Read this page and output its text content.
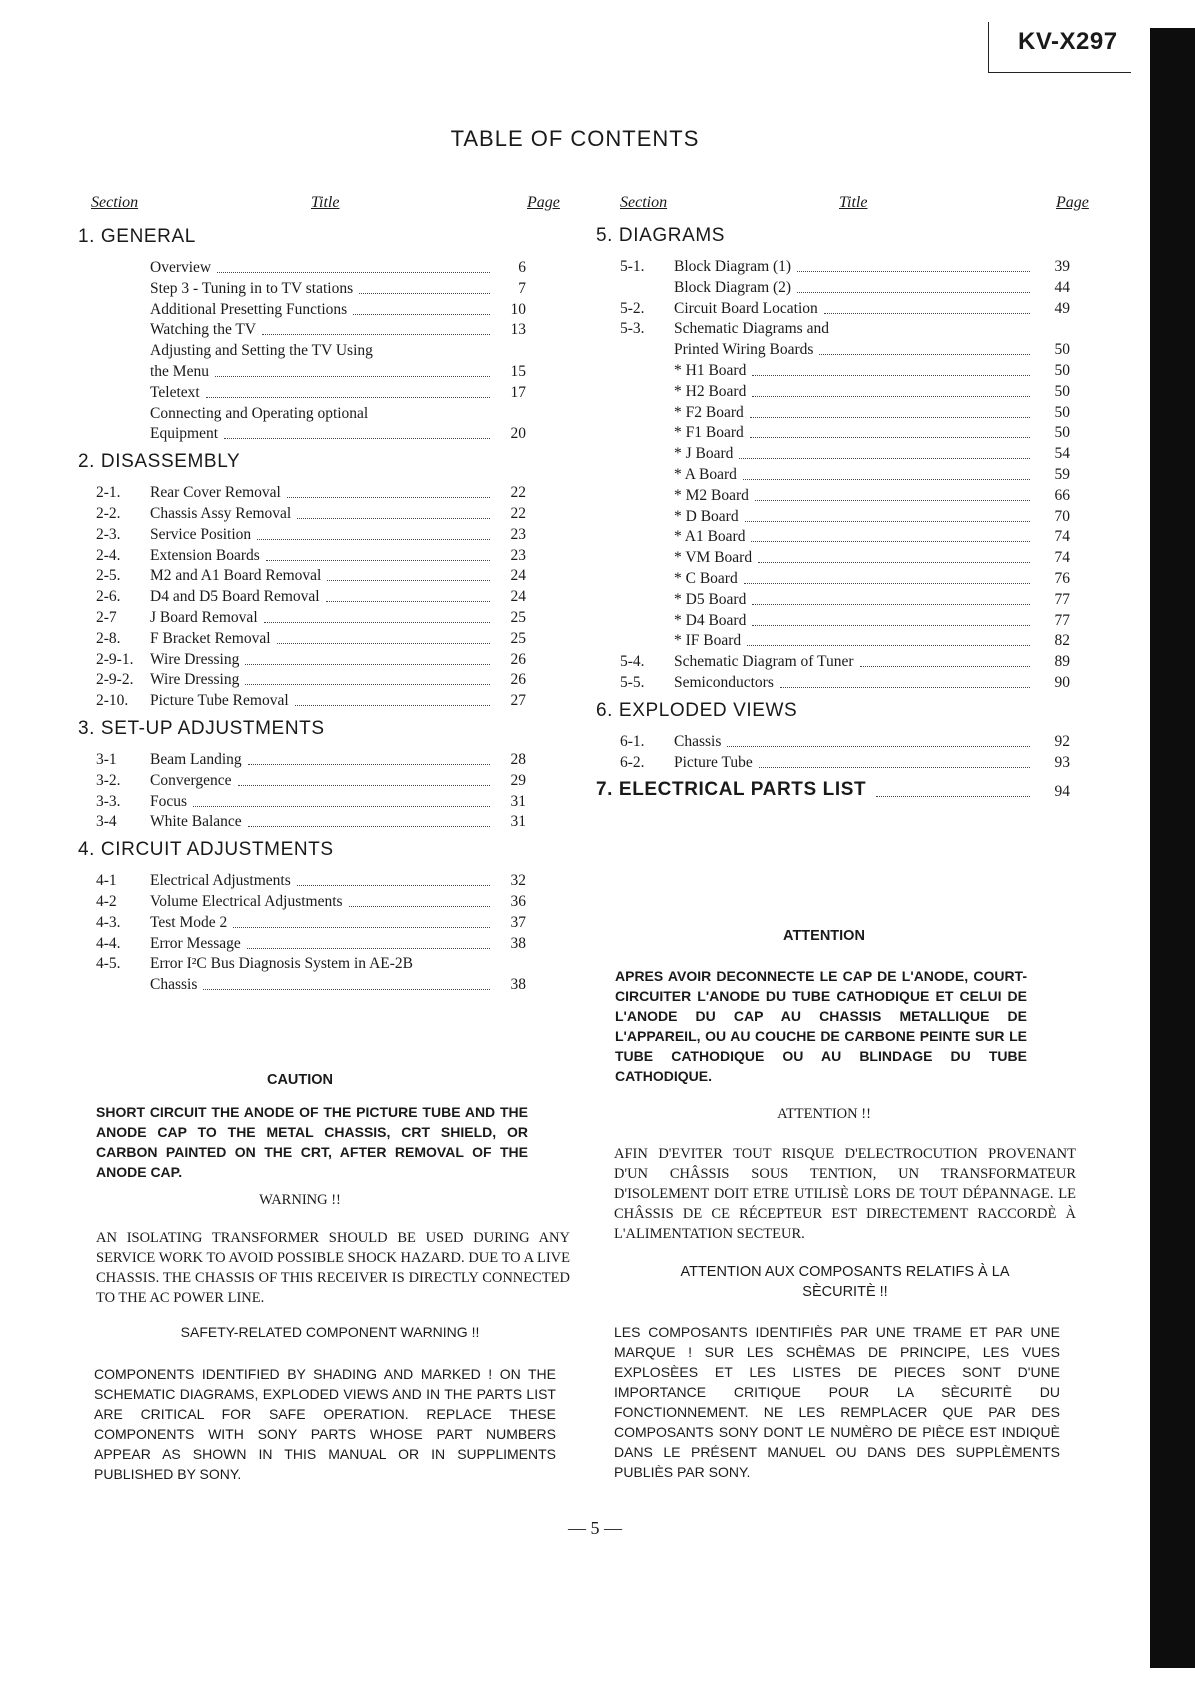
KV-X297
TABLE OF CONTENTS
Section	Title	Page	Section	Title	Page
1. GENERAL
Overview	6
Step 3 - Tuning in to TV stations	7
Additional Presetting Functions	10
Watching the TV	13
Adjusting and Setting the TV Using
the Menu	15
Teletext	17
Connecting and Operating optional
Equipment	20
2. DISASSEMBLY
2-1. Rear Cover Removal	22
2-2. Chassis Assy Removal	22
2-3. Service Position	23
2-4. Extension Boards	23
2-5. M2 and A1 Board Removal	24
2-6. D4 and D5 Board Removal	24
2-7 J Board Removal	25
2-8. F Bracket Removal	25
2-9-1. Wire Dressing	26
2-9-2. Wire Dressing	26
2-10. Picture Tube Removal	27
3. SET-UP ADJUSTMENTS
3-1 Beam Landing	28
3-2. Convergence	29
3-3. Focus	31
3-4 White Balance	31
4. CIRCUIT ADJUSTMENTS
4-1 Electrical Adjustments	32
4-2 Volume Electrical Adjustments	36
4-3. Test Mode 2	37
4-4. Error Message	38
4-5. Error I²C Bus Diagnosis System in AE-2B
Chassis	38
5. DIAGRAMS
5-1. Block Diagram (1)	39
Block Diagram (2)	44
5-2. Circuit Board Location	49
5-3. Schematic Diagrams and
Printed Wiring Boards	50
* H1 Board	50
* H2 Board	50
* F2 Board	50
* F1 Board	50
* J Board	54
* A Board	59
* M2 Board	66
* D Board	70
* A1 Board	74
* VM Board	74
* C Board	76
* D5 Board	77
* D4 Board	77
* IF Board	82
5-4. Schematic Diagram of Tuner	89
5-5. Semiconductors	90
6. EXPLODED VIEWS
6-1. Chassis	92
6-2. Picture Tube	93
7. ELECTRICAL PARTS LIST	94
CAUTION
SHORT CIRCUIT THE ANODE OF THE PICTURE TUBE AND THE ANODE CAP TO THE METAL CHASSIS, CRT SHIELD, OR CARBON PAINTED ON THE CRT, AFTER REMOVAL OF THE ANODE CAP.
WARNING !!
AN ISOLATING TRANSFORMER SHOULD BE USED DURING ANY SERVICE WORK TO AVOID POSSIBLE SHOCK HAZARD. DUE TO A LIVE CHASSIS. THE CHASSIS OF THIS RECEIVER IS DIRECTLY CONNECTED TO THE AC POWER LINE.
SAFETY-RELATED COMPONENT WARNING !!
COMPONENTS IDENTIFIED BY SHADING AND MARKED ! ON THE SCHEMATIC DIAGRAMS, EXPLODED VIEWS AND IN THE PARTS LIST ARE CRITICAL FOR SAFE OPERATION. REPLACE THESE COMPONENTS WITH SONY PARTS WHOSE PART NUMBERS APPEAR AS SHOWN IN THIS MANUAL OR IN SUPPLIMENTS PUBLISHED BY SONY.
ATTENTION
APRES AVOIR DECONNECTE LE CAP DE L'ANODE, COURT-CIRCUITER L'ANODE DU TUBE CATHODIQUE ET CELUI DE L'ANODE DU CAP AU CHASSIS METALLIQUE DE L'APPAREIL, OU AU COUCHE DE CARBONE PEINTE SUR LE TUBE CATHODIQUE OU AU BLINDAGE DU TUBE CATHODIQUE.
ATTENTION !!
AFIN D'EVITER TOUT RISQUE D'ELECTROCUTION PROVENANT D'UN CHÂSSIS SOUS TENTION, UN TRANSFORMATEUR D'ISOLEMENT DOIT ETRE UTILISÈ LORS DE TOUT DÉPANNAGE. LE CHÂSSIS DE CE RÉCEPTEUR EST DIRECTEMENT RACCORDÈ À L'ALIMENTATION SECTEUR.
ATTENTION AUX COMPOSANTS RELATIFS À LA SÈCURITÈ !!
LES COMPOSANTS IDENTIFIÈS PAR UNE TRAME ET PAR UNE MARQUE ! SUR LES SCHÈMAS DE PRINCIPE, LES VUES EXPLOSÈES ET LES LISTES DE PIECES SONT D'UNE IMPORTANCE CRITIQUE POUR LA SÈCURITÈ DU FONCTIONNEMENT. NE LES REMPLACER QUE PAR DES COMPOSANTS SONY DONT LE NUMÈRO DE PIÈCE EST INDIQUÈ DANS LE PRÉSENT MANUEL OU DANS DES SUPPLÈMENTS PUBLIÈS PAR SONY.
— 5 —
